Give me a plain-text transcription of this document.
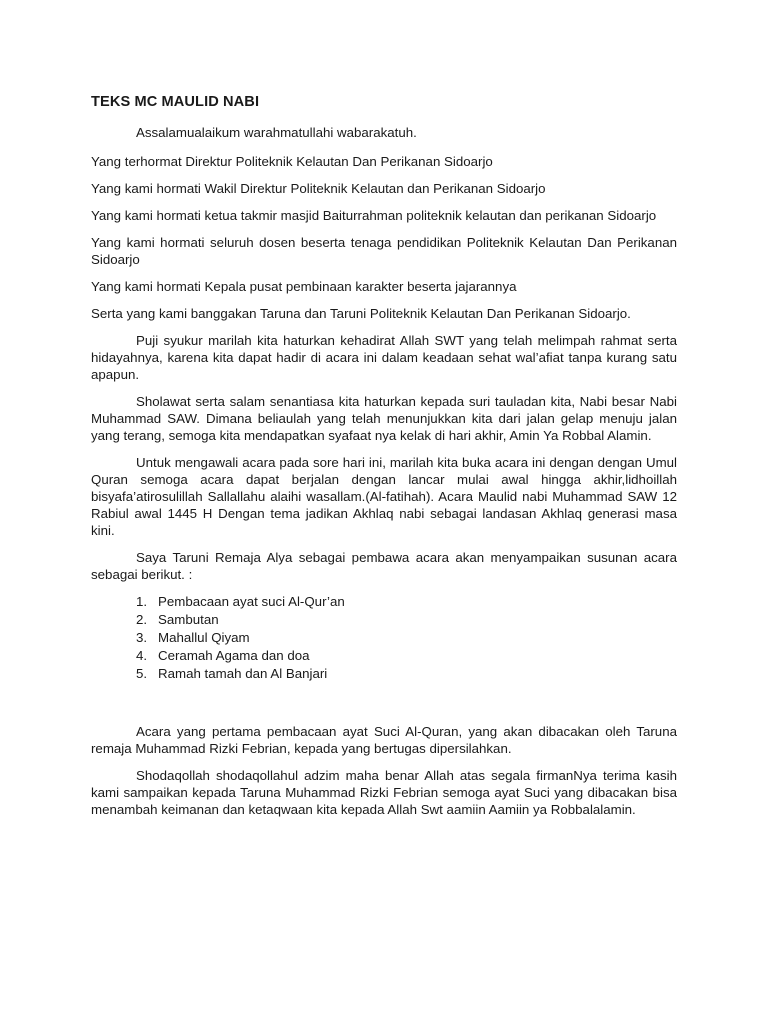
TEKS MC MAULID NABI

Assalamualaikum warahmatullahi wabarakatuh.

Yang terhormat Direktur Politeknik Kelautan Dan Perikanan Sidoarjo

Yang kami hormati Wakil Direktur Politeknik Kelautan dan Perikanan Sidoarjo

Yang kami hormati ketua takmir masjid Baiturrahman politeknik kelautan dan perikanan Sidoarjo

Yang kami hormati seluruh dosen beserta tenaga pendidikan Politeknik Kelautan Dan Perikanan Sidoarjo

Yang kami hormati Kepala pusat pembinaan karakter beserta jajarannya

Serta yang kami banggakan Taruna dan Taruni Politeknik Kelautan Dan Perikanan Sidoarjo.

Puji syukur marilah kita haturkan kehadirat Allah SWT yang telah melimpah rahmat serta hidayahnya, karena kita dapat hadir di acara ini dalam keadaan sehat wal’afiat tanpa kurang satu apapun.

Sholawat serta salam senantiasa kita haturkan kepada suri tauladan kita, Nabi besar Nabi Muhammad SAW. Dimana beliaulah yang telah menunjukkan kita dari jalan gelap menuju jalan yang terang, semoga kita mendapatkan syafaat nya kelak di hari akhir, Amin Ya Robbal Alamin.

Untuk mengawali acara pada sore hari ini, marilah kita buka acara ini dengan dengan Umul Quran semoga acara dapat berjalan dengan lancar mulai awal hingga akhir,lidhoillah bisyafa’atirosulillah Sallallahu alaihi wasallam.(Al-fatihah). Acara Maulid nabi Muhammad SAW 12 Rabiul awal 1445 H Dengan tema jadikan Akhlaq nabi sebagai landasan Akhlaq generasi masa kini.

Saya Taruni Remaja Alya sebagai pembawa acara akan menyampaikan susunan acara sebagai berikut. :

1. Pembacaan ayat suci Al-Qur’an
2. Sambutan
3. Mahallul Qiyam
4. Ceramah Agama dan doa
5. Ramah tamah dan Al Banjari

Acara yang pertama pembacaan ayat Suci Al-Quran, yang akan dibacakan oleh Taruna remaja Muhammad Rizki Febrian, kepada yang bertugas dipersilahkan.

Shodaqollah shodaqollahul adzim maha benar Allah atas segala firmanNya terima kasih kami sampaikan kepada Taruna Muhammad Rizki Febrian semoga ayat Suci yang dibacakan bisa menambah keimanan dan ketaqwaan kita kepada Allah Swt aamiin Aamiin ya Robbalalamin.
